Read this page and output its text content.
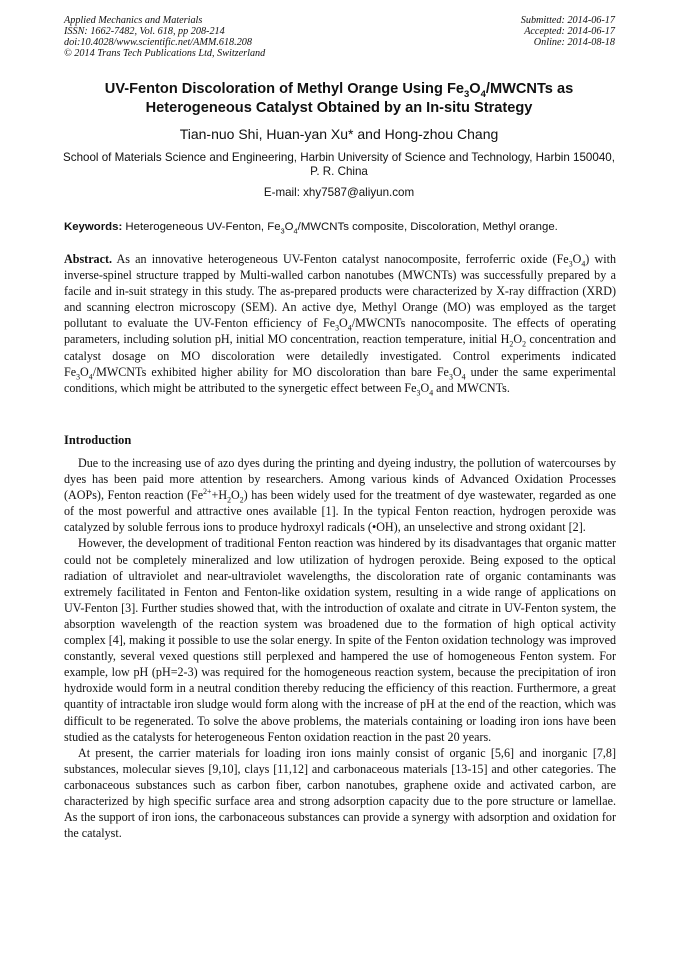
Applied Mechanics and Materials
ISSN: 1662-7482, Vol. 618, pp 208-214
doi:10.4028/www.scientific.net/AMM.618.208
© 2014 Trans Tech Publications Ltd, Switzerland
Submitted: 2014-06-17
Accepted: 2014-06-17
Online: 2014-08-18
UV-Fenton Discoloration of Methyl Orange Using $Fe_3O_4$/MWCNTs as
Heterogeneous Catalyst Obtained by an In-situ Strategy
Tian-nuo Shi, Huan-yan Xu* and Hong-zhou Chang
School of Materials Science and Engineering, Harbin University of Science and Technology, Harbin 150040, P. R. China
E-mail: xhy7587@aliyun.com
Keywords: Heterogeneous UV-Fenton, $Fe_3O_4$/MWCNTs composite, Discoloration, Methyl orange.
Abstract. As an innovative heterogeneous UV-Fenton catalyst nanocomposite, ferroferric oxide $(Fe_3O_4)$ with inverse-spinel structure trapped by Multi-walled carbon nanotubes (MWCNTs) was successfully prepared by a facile and in-suit strategy in this study. The as-prepared products were characterized by X-ray diffraction (XRD) and scanning electron microscopy (SEM). An active dye, Methyl Orange (MO) was employed as the target pollutant to evaluate the UV-Fenton efficiency of $Fe_3O_4$/MWCNTs nanocomposite. The effects of operating parameters, including solution pH, initial MO concentration, reaction temperature, initial $H_2O_2$ concentration and catalyst dosage on MO discoloration were detailedly investigated. Control experiments indicated $Fe_3O_4$/MWCNTs exhibited higher ability for MO discoloration than bare $Fe_3O_4$ under the same experimental conditions, which might be attributed to the synergetic effect between $Fe_3O_4$ and MWCNTs.
Introduction

Due to the increasing use of azo dyes during the printing and dyeing industry, the pollution of watercourses by dyes has been paid more attention by researchers. Among various kinds of Advanced Oxidation Processes (AOPs), Fenton reaction $(Fe^{2+}+H_2O_2)$ has been widely used for the treatment of dye wastewater, regarded as one of the most powerful and attractive ones available [1]. In the typical Fenton reaction, hydrogen peroxide was catalyzed by soluble ferrous ions to produce hydroxyl radicals (•OH), an unselective and strong oxidant [2].

However, the development of traditional Fenton reaction was hindered by its disadvantages that organic matter could not be completely mineralized and low utilization of hydrogen peroxide. Being exposed to the optical radiation of ultraviolet and near-ultraviolet wavelengths, the discoloration rate of organic contaminants was extremely facilitated in Fenton and Fenton-like oxidation system, resulting in a wide range of applications on UV-Fenton [3]. Further studies showed that, with the introduction of oxalate and citrate in UV-Fenton system, the absorption wavelength of the reaction system was broadened due to the formation of high optical activity complex [4], making it possible to use the solar energy. In spite of the Fenton oxidation technology was improved constantly, several vexed questions still perplexed and hampered the use of homogeneous Fenton system. For example, low pH (pH=2-3) was required for the homogeneous reaction system, because the precipitation of iron hydroxide would form in a neutral condition thereby reducing the efficiency of this reaction. Furthermore, a great quantity of intractable iron sludge would form along with the increase of pH at the end of the reaction, which was difficult to be regenerated. To solve the above problems, the materials containing or loading iron ions have been studied as the catalysts for heterogeneous Fenton oxidation reaction in the past 20 years.

At present, the carrier materials for loading iron ions mainly consist of organic [5,6] and inorganic [7,8] substances, molecular sieves [9,10], clays [11,12] and carbonaceous materials [13-15] and other categories. The carbonaceous substances such as carbon fiber, carbon nanotubes, graphene oxide and activated carbon, are characterized by high specific surface area and strong adsorption capacity due to the pore structure or lamellae. As the support of iron ions, the carbonaceous substances can provide a synergy with adsorption and oxidation for the catalyst.
